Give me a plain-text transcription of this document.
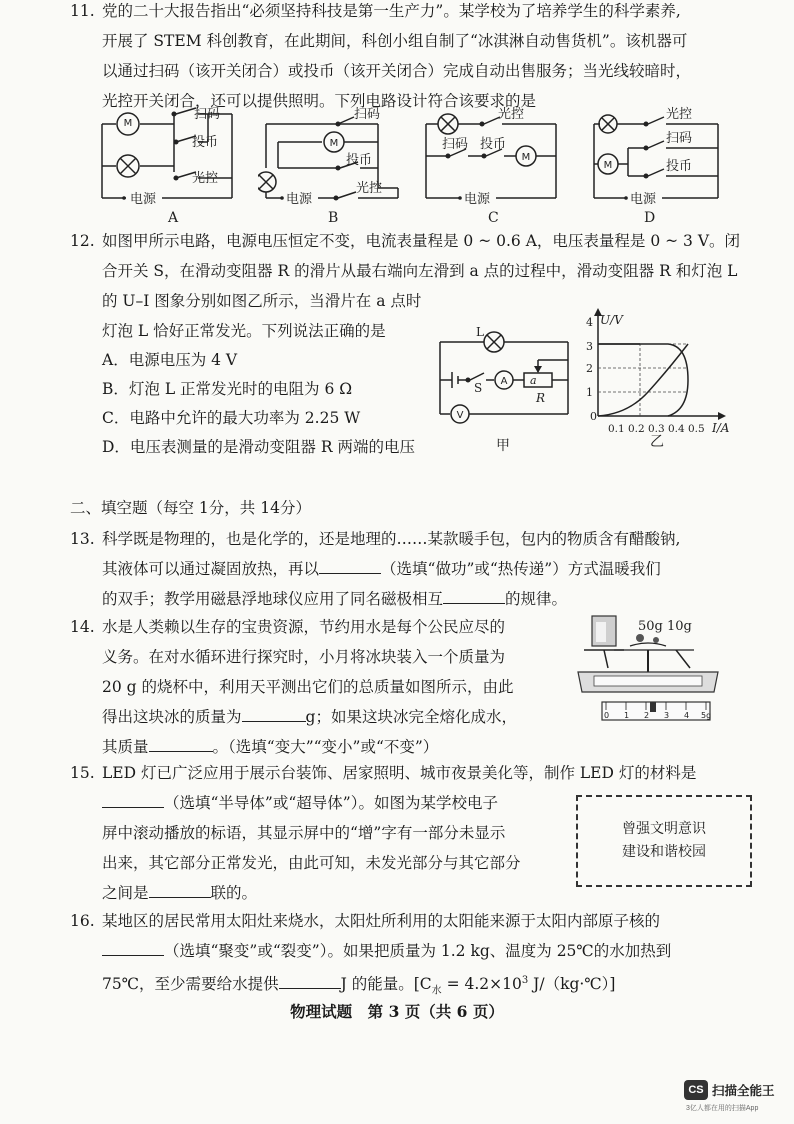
11. 党的二十大报告指出“必须坚持科技是第一生产力”。某学校为了培养学生的科学素养,
开展了 STEM 科创教育，在此期间，科创小组自制了“冰淇淋自动售货机”。该机器可
以通过扫码（该开关闭合）或投币（该开关闭合）完成自动出售服务；当光线较暗时，
光控开关闭合，还可以提供照明。下列电路设计符合该要求的是
M
扫码
投币
光控
电源
A
M
扫码
投币
电源
光控
B
M
光控
扫码 投币
电源
C
M
光控
扫码
投币
电源
D
12. 如图甲所示电路，电源电压恒定不变，电流表量程是 0 ~ 0.6 A，电压表量程是 0 ~ 3 V。闭
合开关 S，在滑动变阻器 R 的滑片从最右端向左滑到 a 点的过程中，滑动变阻器 R 和灯泡 L
的 U–I 图象分别如图乙所示，当滑片在 a 点时
灯泡 L 恰好正常发光。下列说法正确的是
A．电源电压为 4 V
B．灯泡 L 正常发光时的电阻为 6 Ω
C．电路中允许的最大功率为 2.25 W
D．电压表测量的是滑动变阻器 R 两端的电压
L
S A
V
a
R
甲
U/V
0
1
2
3
4
0.1 0.2 0.3 0.4 0.5 I/A
乙
二、填空题（每空 1分，共 14分）
13. 科学既是物理的，也是化学的，还是地理的……某款暖手包，包内的物质含有醋酸钠,
其液体可以通过凝固放热，再以	（选填“做功”或“热传递”）方式温暖我们
的双手；教学用磁悬浮地球仪应用了同名磁极相互	的规律。
14. 水是人类赖以生存的宝贵资源，节约用水是每个公民应尽的
义务。在对水循环进行探究时，小月将冰块装入一个质量为
20 g 的烧杯中，利用天平测出它们的总质量如图所示，由此
得出这块冰的质量为	g；如果这块冰完全熔化成水，
其质量	。（选填“变大”“变小”或“不变”）
50g 10g
0 1 2 3 4 5g
15. LED 灯已广泛应用于展示台装饰、居家照明、城市夜景美化等，制作 LED 灯的材料是
（选填“半导体”或“超导体”）。如图为某学校电子
屏中滚动播放的标语，其显示屏中的“增”字有一部分未显示
出来，其它部分正常发光，由此可知，未发光部分与其它部分
之间是	联的。
曾强文明意识
建设和谐校园
16. 某地区的居民常用太阳灶来烧水，太阳灶所利用的太阳能来源于太阳内部原子核的
（选填“聚变”或“裂变”）。如果把质量为 1.2 kg、温度为 25℃的水加热到
75℃，至少需要给水提供	J 的能量。[$C_水 = 4.2\times 10^3$ J/（kg·℃）]
物理试题　第 3 页（共 6 页）
CS 扫描全能王
3亿人都在用的扫描App
